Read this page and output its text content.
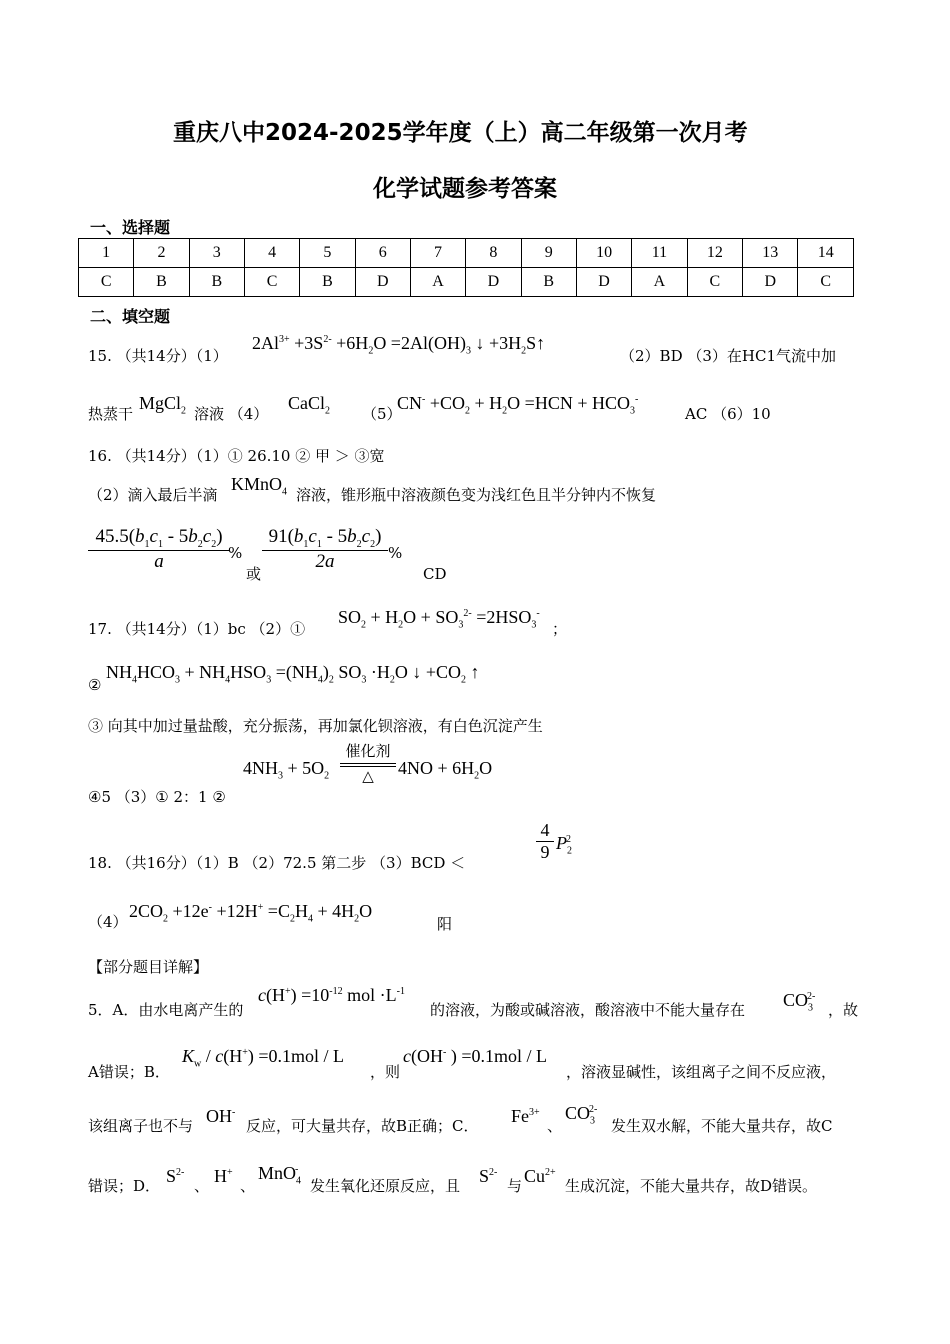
重庆八中2024-2025学年度（上）高二年级第一次月考
化学试题参考答案
一、选择题
1	2	3	4	5	6	7	8	9	10	11	12	13	14
C	B	B	C	B	D	A	D	B	D	A	C	D	C
二、填空题
15. （共14分）（1）
$2Al^{3+} +3S^{2-} +6H_2O =2Al(OH)_3$ ↓ $+3H_2S↑$
（2）BD （3）在HC1气流中加
热蒸干
MgCl$_2$ 溶液 （4）
CaCl$_2$ （5）
$CN^- +CO_2 + H_2O =HCN + HCO_3^-$
AC （6）10
16. （共14分）（1）① 26.10 ② 甲 ＞ ③宽
（2）滴入最后半滴
KMnO$_4$ 溶液，锥形瓶中溶液颜色变为浅红色且半分钟内不恢复
$45.5(b_1c_1 - 5b_2c_2)$
a	%
或
$91(b_1c_1 - 5b_2c_2)$
2a	%
CD
17. （共14分）（1）bc （2）①
$SO_2 + H_2O + SO_3^{2-} =2HSO_3^-$
；
②
$NH_4HCO_3 + NH_4HSO_3 =(NH_4)_2$ $SO_3 \cdot H_2O$ ↓ $+CO_2$ ↑
③ 向其中加过量盐酸，充分振荡，再加氯化钡溶液，有白色沉淀产生
$4NH_3 + 5O_2$
催化剂
△	$4NO + 6H_2O$
④5 （3）① 2：1 ②
18. （共16分）（1）B （2）72.5 第二步 （3）BCD ＜
4
9 $P_2^2$
（4）
$2CO_2 +12e^- +12H^+ =C_2H_4 + 4H_2O$
阳
【部分题目详解】
5．A．由水电离产生的
$c(H^+) =10^{-12}$ mol $\cdot L^{-1}$
的溶液，为酸或碱溶液，酸溶液中不能大量存在 $CO_3^{2-}$
，故
A错误；B．
$K_w / c(H^+) =0.1mol / L$
，则
c(OH- ) =0.1mol / L
，溶液显碱性，该组离子之间不反应液，
该组离子也不与 OH-
反应，可大量共存，故B正确；C． $Fe^{3+}$
、
$CO_3^{2-}$
发生双水解，不能大量共存，故C
错误；D． $S^{2-}$
、 H+
、
MnO$_4$-
发生氧化还原反应，且 $S^{2-}$
与 $Cu^{2+}$
生成沉淀，不能大量共存，故D错误。
